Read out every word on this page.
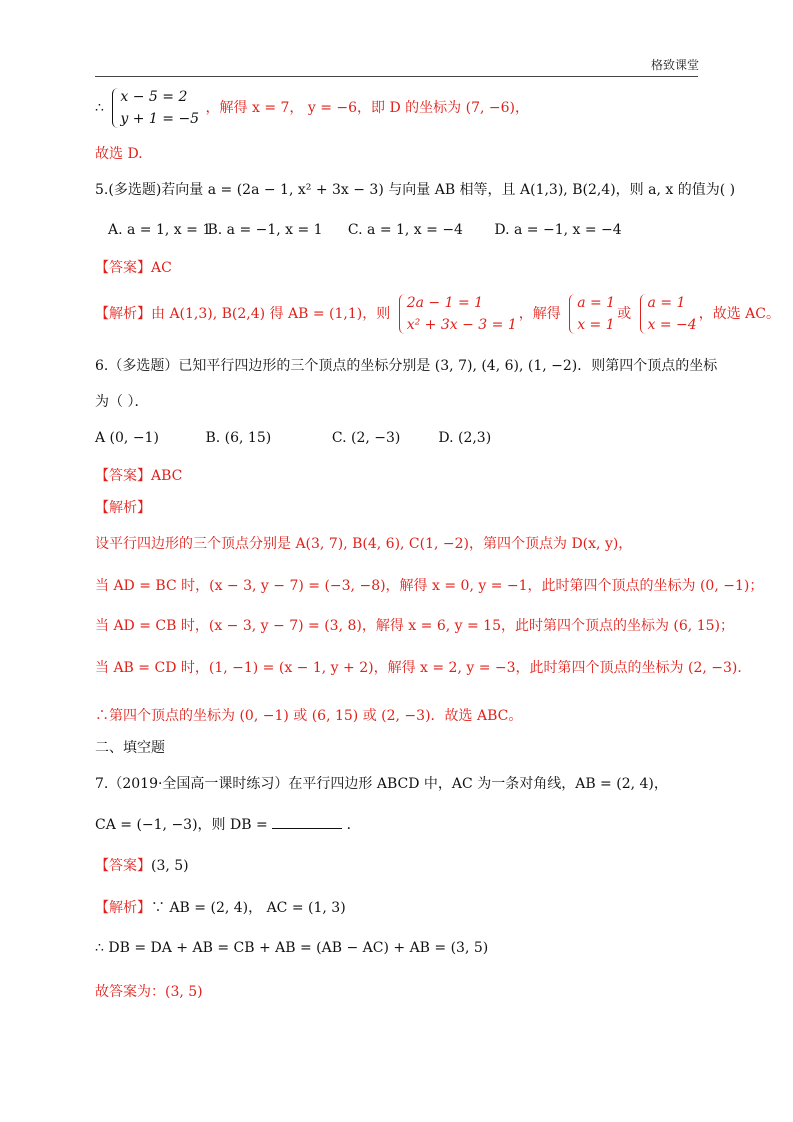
格致课堂
∴
x − 5 = 2
y + 1 = −5
，解得 x = 7， y = −6，即 D 的坐标为 (7, −6)，
故选 D.
5.(多选题)若向量 a = (2a − 1, x² + 3x − 3) 与向量 AB 相等，且 A(1,3), B(2,4)，则 a, x 的值为( )
A. a = 1, x = 1 B. a = −1, x = 1 C. a = 1, x = −4 D. a = −1, x = −4
【答案】AC
【解析】由 A(1,3), B(2,4) 得 AB = (1,1)，则
2a − 1 = 1
x² + 3x − 3 = 1
，解得
a = 1
x = 1
或
a = 1
x = −4
，故选 AC。
6.（多选题）已知平行四边形的三个顶点的坐标分别是 (3, 7), (4, 6), (1, −2)．则第四个顶点的坐标
为（ ）．
A (0, −1)	B. (6, 15)	C. (2, −3)	D. (2,3)
【答案】ABC
【解析】
设平行四边形的三个顶点分别是 A(3, 7), B(4, 6), C(1, −2)，第四个顶点为 D(x, y)，
当 AD = BC 时，(x − 3, y − 7) = (−3, −8)，解得 x = 0, y = −1，此时第四个顶点的坐标为 (0, −1)；
当 AD = CB 时，(x − 3, y − 7) = (3, 8)，解得 x = 6, y = 15，此时第四个顶点的坐标为 (6, 15)；
当 AB = CD 时，(1, −1) = (x − 1, y + 2)，解得 x = 2, y = −3，此时第四个顶点的坐标为 (2, −3)．
∴第四个顶点的坐标为 (0, −1) 或 (6, 15) 或 (2, −3)．故选 ABC。
二、填空题
7.（2019·全国高一课时练习）在平行四边形 ABCD 中，AC 为一条对角线，AB = (2, 4)，
CA = (−1, −3)，则 DB =	．
【答案】(3, 5)
【解析】∵ AB = (2, 4)， AC = (1, 3)
∴ DB = DA + AB = CB + AB = (AB − AC) + AB = (3, 5)
故答案为：(3, 5)
